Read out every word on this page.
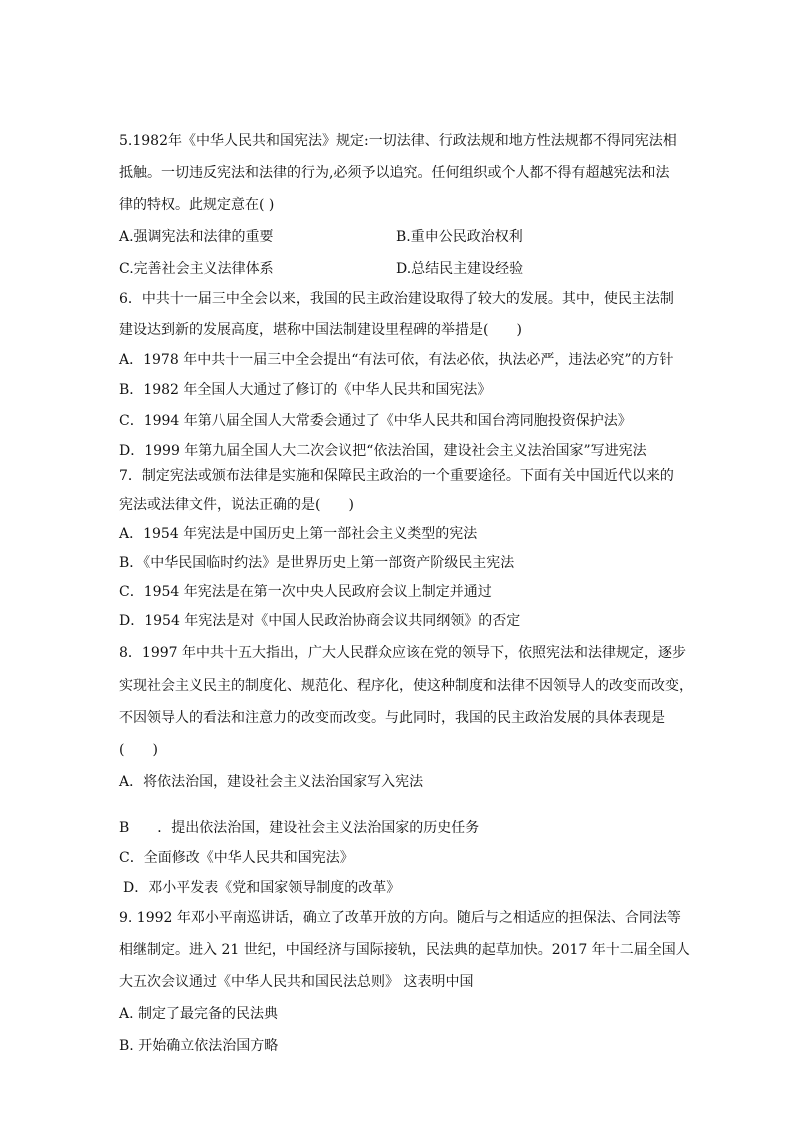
5.1982年《中华人民共和国宪法》规定:一切法律、行政法规和地方性法规都不得同宪法相
抵触。一切违反宪法和法律的行为,必须予以追究。任何组织或个人都不得有超越宪法和法
律的特权。此规定意在( )
A.强调宪法和法律的重要	B.重申公民政治权利
C.完善社会主义法律体系	D.总结民主建设经验
6．中共十一届三中全会以来，我国的民主政治建设取得了较大的发展。其中，使民主法制
建设达到新的发展高度，堪称中国法制建设里程碑的举措是(　　)
A．1978 年中共十一届三中全会提出“有法可依，有法必依，执法必严，违法必究”的方针
B．1982 年全国人大通过了修订的《中华人民共和国宪法》
C．1994 年第八届全国人大常委会通过了《中华人民共和国台湾同胞投资保护法》
D．1999 年第九届全国人大二次会议把“依法治国，建设社会主义法治国家”写进宪法
7．制定宪法或颁布法律是实施和保障民主政治的一个重要途径。下面有关中国近代以来的
宪法或法律文件，说法正确的是(　　)
A．1954 年宪法是中国历史上第一部社会主义类型的宪法
B．《中华民国临时约法》是世界历史上第一部资产阶级民主宪法
C．1954 年宪法是在第一次中央人民政府会议上制定并通过
D．1954 年宪法是对《中国人民政治协商会议共同纲领》的否定
8．1997 年中共十五大指出，广大人民群众应该在党的领导下，依照宪法和法律规定，逐步
实现社会主义民主的制度化、规范化、程序化，使这种制度和法律不因领导人的改变而改变，
不因领导人的看法和注意力的改变而改变。与此同时，我国的民主政治发展的具体表现是
(　　)
A．将依法治国，建设社会主义法治国家写入宪法
B　　．提出依法治国，建设社会主义法治国家的历史任务
C．全面修改《中华人民共和国宪法》
D．邓小平发表《党和国家领导制度的改革》
9. 1992 年邓小平南巡讲话，确立了改革开放的方向。随后与之相适应的担保法、合同法等
相继制定。进入 21 世纪，中国经济与国际接轨，民法典的起草加快。2017 年十二届全国人
大五次会议通过《中华人民共和国民法总则》 这表明中国
A. 制定了最完备的民法典
B. 开始确立依法治国方略
